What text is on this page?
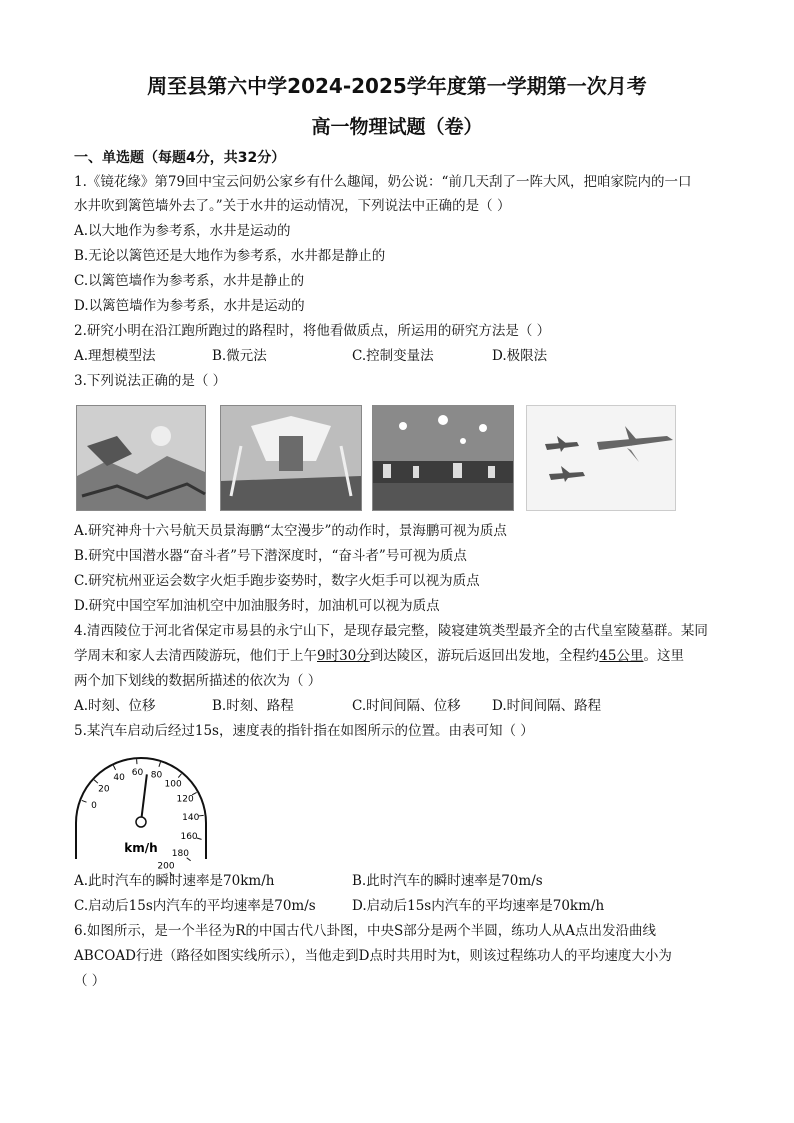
周至县第六中学2024-2025学年度第一学期第一次月考
高一物理试题（卷）
一、单选题（每题4分，共32分）
1.《镜花缘》第79回中宝云问奶公家乡有什么趣闻，奶公说：“前几天刮了一阵大风，把咱家院内的一口
水井吹到篱笆墙外去了。”关于水井的运动情况，下列说法中正确的是（ ）
A.以大地作为参考系，水井是运动的
B.无论以篱笆还是大地作为参考系，水井都是静止的
C.以篱笆墙作为参考系，水井是静止的
D.以篱笆墙作为参考系，水井是运动的
2.研究小明在沿江跑所跑过的路程时，将他看做质点，所运用的研究方法是（ ）
A.理想模型法	B.微元法	C.控制变量法	D.极限法
3.下列说法正确的是（ ）
A.研究神舟十六号航天员景海鹏“太空漫步”的动作时，景海鹏可视为质点
B.研究中国潜水器“奋斗者”号下潜深度时，“奋斗者”号可视为质点
C.研究杭州亚运会数字火炬手跑步姿势时，数字火炬手可以视为质点
D.研究中国空军加油机空中加油服务时，加油机可以视为质点
4.清西陵位于河北省保定市易县的永宁山下，是现存最完整，陵寝建筑类型最齐全的古代皇室陵墓群。某同
学周末和家人去清西陵游玩，他们于上午9时30分到达陵区，游玩后返回出发地，全程约45公里。这里
两个加下划线的数据所描述的依次为（ ）
A.时刻、位移	B.时刻、路程	C.时间间隔、位移 D.时间间隔、路程
5.某汽车启动后经过15s，速度表的指针指在如图所示的位置。由表可知（ ）
0
20
40 60 80
100
120
140
160
180
200
km/h
A.此时汽车的瞬时速率是70km/h	B.此时汽车的瞬时速率是70m/s
C.启动后15s内汽车的平均速率是70m/s	D.启动后15s内汽车的平均速率是70km/h
6.如图所示，是一个半径为R的中国古代八卦图，中央S部分是两个半圆，练功人从A点出发沿曲线
ABCOAD行进（路径如图实线所示），当他走到D点时共用时为t，则该过程练功人的平均速度大小为
（ ）
